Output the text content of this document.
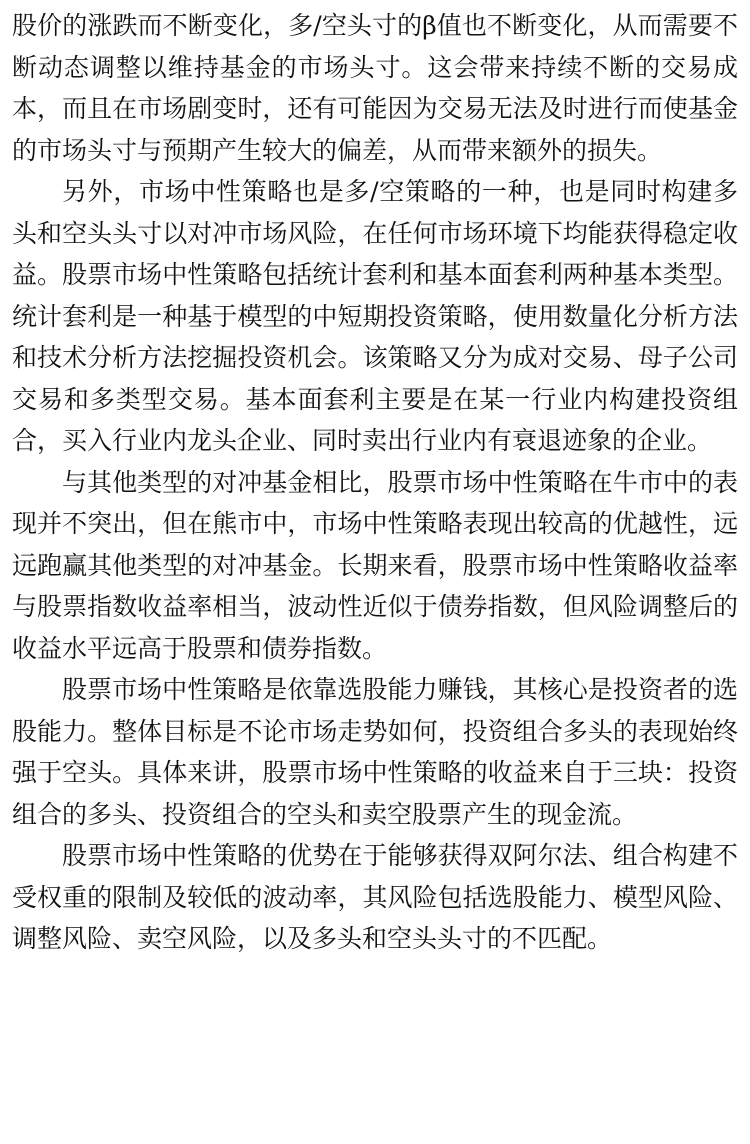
股价的涨跌而不断变化，多/空头寸的β值也不断变化，从而需要不断动态调整以维持基金的市场头寸。这会带来持续不断的交易成本，而且在市场剧变时，还有可能因为交易无法及时进行而使基金的市场头寸与预期产生较大的偏差，从而带来额外的损失。

另外，市场中性策略也是多/空策略的一种，也是同时构建多头和空头头寸以对冲市场风险，在任何市场环境下均能获得稳定收益。股票市场中性策略包括统计套利和基本面套利两种基本类型。统计套利是一种基于模型的中短期投资策略，使用数量化分析方法和技术分析方法挖掘投资机会。该策略又分为成对交易、母子公司交易和多类型交易。基本面套利主要是在某一行业内构建投资组合，买入行业内龙头企业、同时卖出行业内有衰退迹象的企业。

与其他类型的对冲基金相比，股票市场中性策略在牛市中的表现并不突出，但在熊市中，市场中性策略表现出较高的优越性，远远跑赢其他类型的对冲基金。长期来看，股票市场中性策略收益率与股票指数收益率相当，波动性近似于债券指数，但风险调整后的收益水平远高于股票和债券指数。

股票市场中性策略是依靠选股能力赚钱，其核心是投资者的选股能力。整体目标是不论市场走势如何，投资组合多头的表现始终强于空头。具体来讲，股票市场中性策略的收益来自于三块：投资组合的多头、投资组合的空头和卖空股票产生的现金流。

股票市场中性策略的优势在于能够获得双阿尔法、组合构建不受权重的限制及较低的波动率，其风险包括选股能力、模型风险、调整风险、卖空风险，以及多头和空头头寸的不匹配。
